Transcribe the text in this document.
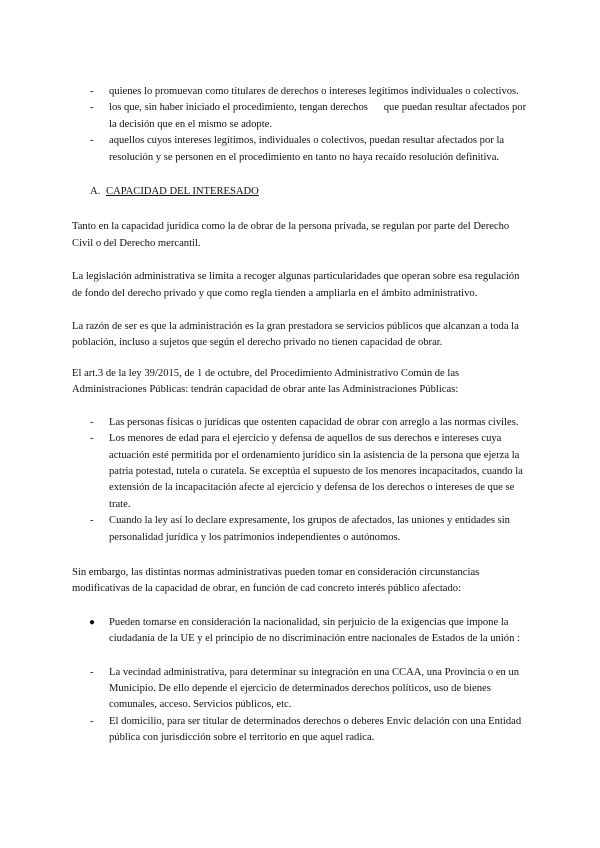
- quienes lo promuevan como titulares de derechos o intereses legítimos individuales o colectivos.
- los que, sin haber iniciado el procedimiento, tengan derechos      que puedan resultar afectados por la decisión que en el mismo se adopte.
- aquellos cuyos intereses legítimos, individuales o colectivos, puedan resultar afectados por la resolución y se personen en el procedimiento en tanto no haya recaído resolución definitiva.
A. CAPACIDAD DEL INTERESADO

Tanto en la capacidad jurídica como la de obrar de la persona privada, se regulan por parte del Derecho Civil o del Derecho mercantil.

La legislación administrativa se limita a recoger algunas particularidades que operan sobre esa regulación de fondo del derecho privado y que como regla tienden a ampliarla en el ámbito administrativo.

La razón de ser es que la administración es la gran prestadora se servicios públicos que alcanzan a toda la población, incluso a sujetos que según el derecho privado no tienen capacidad de obrar.

El art.3 de la ley 39/2015, de 1 de octubre, del Procedimiento Administrativo Común de las Administraciones Públicas: tendrán capacidad de obrar ante las Administraciones Públicas:

- Las personas físicas o jurídicas que ostenten capacidad de obrar con arreglo a las normas civiles.
- Los menores de edad para el ejercicio y defensa de aquellos de sus derechos e intereses cuya actuación esté permitida por el ordenamiento jurídico sin la asistencia de la persona que ejerza la patria potestad, tutela o curatela. Se exceptúa el supuesto de los menores incapacitados, cuando la extensión de la incapacitación afecte al ejercicio y defensa de los derechos o intereses de que se trate.
- Cuando la ley así lo declare expresamente, los grupos de afectados, las uniones y entidades sin personalidad jurídica y los patrimonios independientes o autónomos.

Sin embargo, las distintas normas administrativas pueden tomar en consideración circunstancias modificativas de la capacidad de obrar, en función de cad concreto interés público afectado:

● Pueden tomarse en consideración la nacionalidad, sin perjuicio de la exigencias que impone la ciudadanía de la UE y el principio de no discriminación entre nacionales de Estados de la unión :
- La vecindad administrativa, para determinar su integración en una CCAA, una Provincia o en un Municipio. De ello depende el ejercicio de determinados derechos políticos, uso de bienes comunales, acceso. Servicios públicos, etc.
- El domicilio, para ser titular de determinados derechos o deberes Envic delación con una Entidad pública con jurisdicción sobre el territorio en que aquel radica.
